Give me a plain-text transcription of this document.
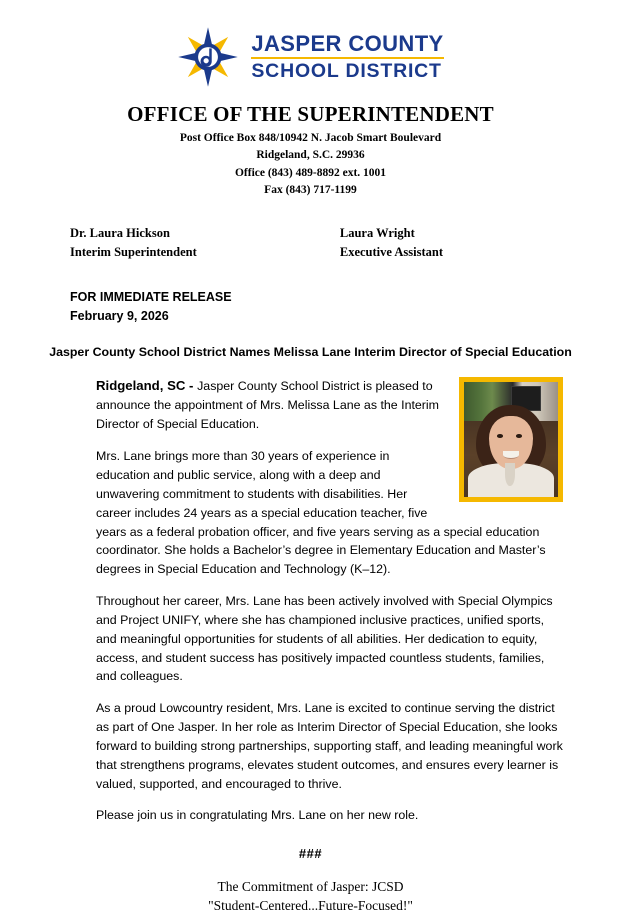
JASPER COUNTY
SCHOOL DISTRICT
OFFICE OF THE SUPERINTENDENT
Post Office Box 848/10942 N. Jacob Smart Boulevard
Ridgeland, S.C. 29936
Office (843) 489-8892 ext. 1001
Fax (843) 717-1199
Dr. Laura Hickson
Interim Superintendent
Laura Wright
Executive Assistant
FOR IMMEDIATE RELEASE
February 9, 2026
Jasper County School District Names Melissa Lane Interim Director of Special Education

Ridgeland, SC - Jasper County School District is pleased to announce the appointment of Mrs. Melissa Lane as the Interim Director of Special Education.

Mrs. Lane brings more than 30 years of experience in education and public service, along with a deep and unwavering commitment to students with disabilities. Her career includes 24 years as a special education teacher, five years as a federal probation officer, and five years serving as a special education coordinator. She holds a Bachelor’s degree in Elementary Education and Master’s degrees in Special Education and Technology (K–12).

Throughout her career, Mrs. Lane has been actively involved with Special Olympics and Project UNIFY, where she has championed inclusive practices, unified sports, and meaningful opportunities for students of all abilities. Her dedication to equity, access, and student success has positively impacted countless students, families, and colleagues.

As a proud Lowcountry resident, Mrs. Lane is excited to continue serving the district as part of One Jasper. In her role as Interim Director of Special Education, she looks forward to building strong partnerships, supporting staff, and leading meaningful work that strengthens programs, elevates student outcomes, and ensures every learner is valued, supported, and encouraged to thrive.

Please join us in congratulating Mrs. Lane on her new role.

###
The Commitment of Jasper: JCSD
"Student-Centered...Future-Focused!"
